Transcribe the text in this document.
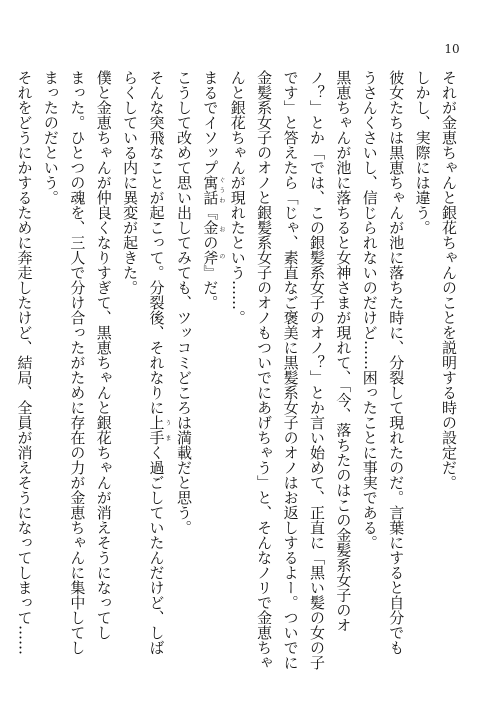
10
それが金恵ちゃんと銀花ちゃんのことを説明する時の設定だ。
しかし、実際には違う。
彼女たちは黒恵ちゃんが池に落ちた時に、分裂して現れたのだ。言葉にすると自分でも
うさんくさいし、信じられないのだけど……困ったことに事実である。
黒恵ちゃんが池に落ちると女神さまが現れて、「今、落ちたのはこの金髪系女子のオ
ノ？」とか「では、この銀髪系女子のオノ？」とか言い始めて、正直に「黒い髪の女の子
です」と答えたら「じゃ、素直なご褒美に黒髪系女子のオノはお返しするよー。ついでに
金髪系女子のオノと銀髪系女子のオノもついでにあげちゃう」と、そんなノリで金恵ちゃ
んと銀花ちゃんが現れたという……。
まるでイソップ寓話ぐうわ『金の斧おの』だ。
こうして改めて思い出してみても、ツッコミどころは満載だと思う。
そんな突飛なことが起こって。分裂後、それなりに上手うまく過ごしていたんだけど、しば
らくしている内に異変が起きた。
僕と金恵ちゃんが仲良くなりすぎて、黒恵ちゃんと銀花ちゃんが消えそうになってし
まった。ひとつの魂を、三人で分け合ったがために存在の力が金恵ちゃんに集中してし
まったのだという。
それをどうにかするために奔走したけど、結局、全員が消えそうになってしまって……
